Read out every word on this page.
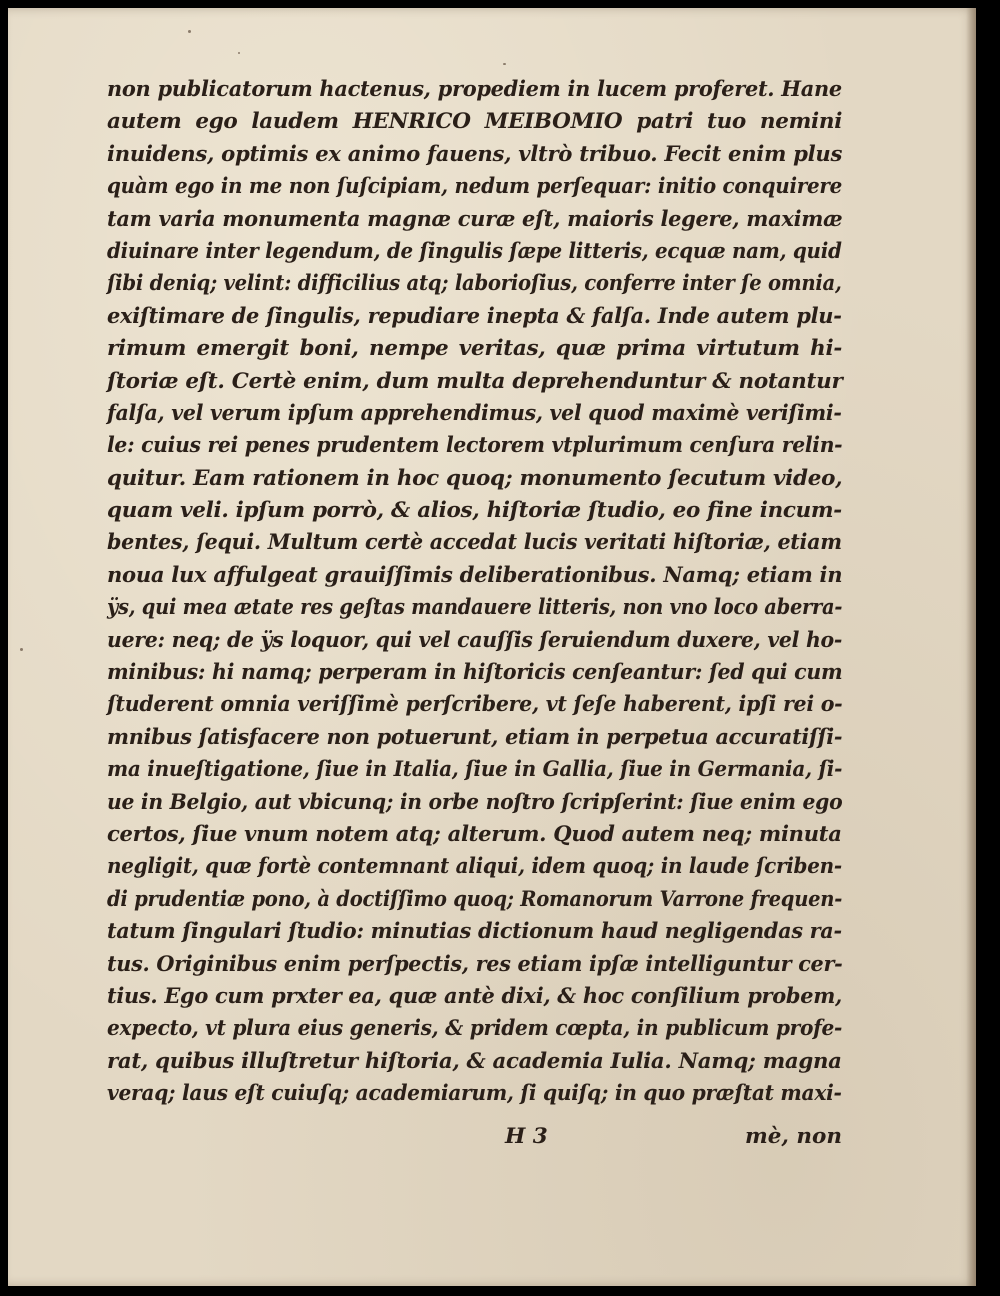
non publicatorum hactenus, propediem in lucem proferet. Hane
autem ego laudem HENRICO MEIBOMIO patri tuo nemini
inuidens, optimis ex animo fauens, vltrò tribuo. Fecit enim plus
quàm ego in me non ſuſcipiam, nedum perſequar: initio conquirere
tam varia monumenta magnæ curæ eſt, maioris legere, maximæ
diuinare inter legendum, de ſingulis ſæpe litteris, ecquæ nam, quid
ſibi deniq; velint: difficilius atq; laborioſius, conferre inter ſe omnia,
exiſtimare de ſingulis, repudiare inepta & falſa. Inde autem plu-
rimum emergit boni, nempe veritas, quæ prima virtutum hi-
ſtoriæ eſt. Certè enim, dum multa deprehenduntur & notantur
falſa, vel verum ipſum apprehendimus, vel quod maximè veriſimi-
le: cuius rei penes prudentem lectorem vtplurimum cenſura relin-
quitur. Eam rationem in hoc quoq; monumento ſecutum video,
quam veli. ipſum porrò, & alios, hiſtoriæ ſtudio, eo fine incum-
bentes, ſequi. Multum certè accedat lucis veritati hiſtoriæ, etiam
noua lux affulgeat grauiſſimis deliberationibus. Namq; etiam in
ÿs, qui mea ætate res geſtas mandauere litteris, non vno loco aberra-
uere: neq; de ÿs loquor, qui vel cauſſis ſeruiendum duxere, vel ho-
minibus: hi namq; perperam in hiſtoricis cenſeantur: ſed qui cum
ſtuderent omnia veriſſimè perſcribere, vt ſeſe haberent, ipſi rei o-
mnibus ſatisfacere non potuerunt, etiam in perpetua accuratiſſi-
ma inueſtigatione, ſiue in Italia, ſiue in Gallia, ſiue in Germania, ſi-
ue in Belgio, aut vbicunq; in orbe noſtro ſcripſerint: ſiue enim ego
certos, ſiue vnum notem atq; alterum. Quod autem neq; minuta
negligit, quæ fortè contemnant aliqui, idem quoq; in laude ſcriben-
di prudentiæ pono, à doctiſſimo quoq; Romanorum Varrone frequen-
tatum ſingulari ſtudio: minutias dictionum haud negligendas ra-
tus. Originibus enim perſpectis, res etiam ipſæ intelliguntur cer-
tius. Ego cum prxter ea, quæ antè dixi, & hoc conſilium probem,
expecto, vt plura eius generis, & pridem cœpta, in publicum profe-
rat, quibus illuſtretur hiſtoria, & academia Iulia. Namq; magna
veraq; laus eſt cuiuſq; academiarum, ſi quiſq; in quo præſtat maxi-
H 3	mè, non
